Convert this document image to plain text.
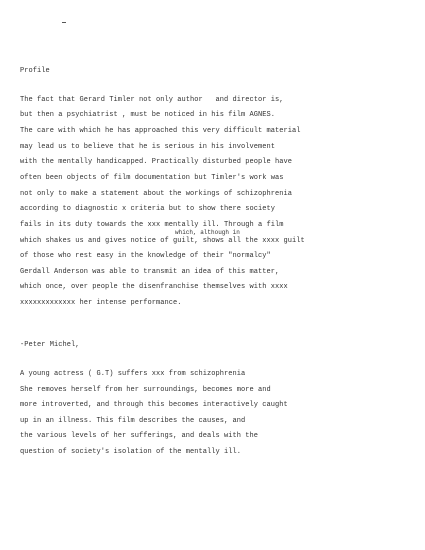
Profile
The fact that Gerard Timler not only author   and director is,
but then a psychiatrist , must be noticed in his film AGNES.
The care with which he has approached this very difficult material
may lead us to believe that he is serious in his involvement
with the mentally handicapped. Practically disturbed people have
often been objects of film documentation but Timler's work was
not only to make a statement about the workings of schizophrenia
according to diagnostic x criteria but to show there society
fails in its duty towards the xxx mentally ill. Through a film
which, although in
which shakes us and gives notice of guilt, shows all the xxxx guilt
of those who rest easy in the knowledge of their "normalcy"
Gerdall Anderson was able to transmit an idea of this matter,
which once, over people the disenfranchise themselves with xxxx
xxxxxxxxxxxxx her intense performance.
-Peter Michel,
A young actress ( G.T) suffers xxx from schizophrenia
She removes herself from her surroundings, becomes more and
more introverted, and through this becomes interactively caught
up in an illness. This film describes the causes, and
the various levels of her sufferings, and deals with the
question of society's isolation of the mentally ill.
